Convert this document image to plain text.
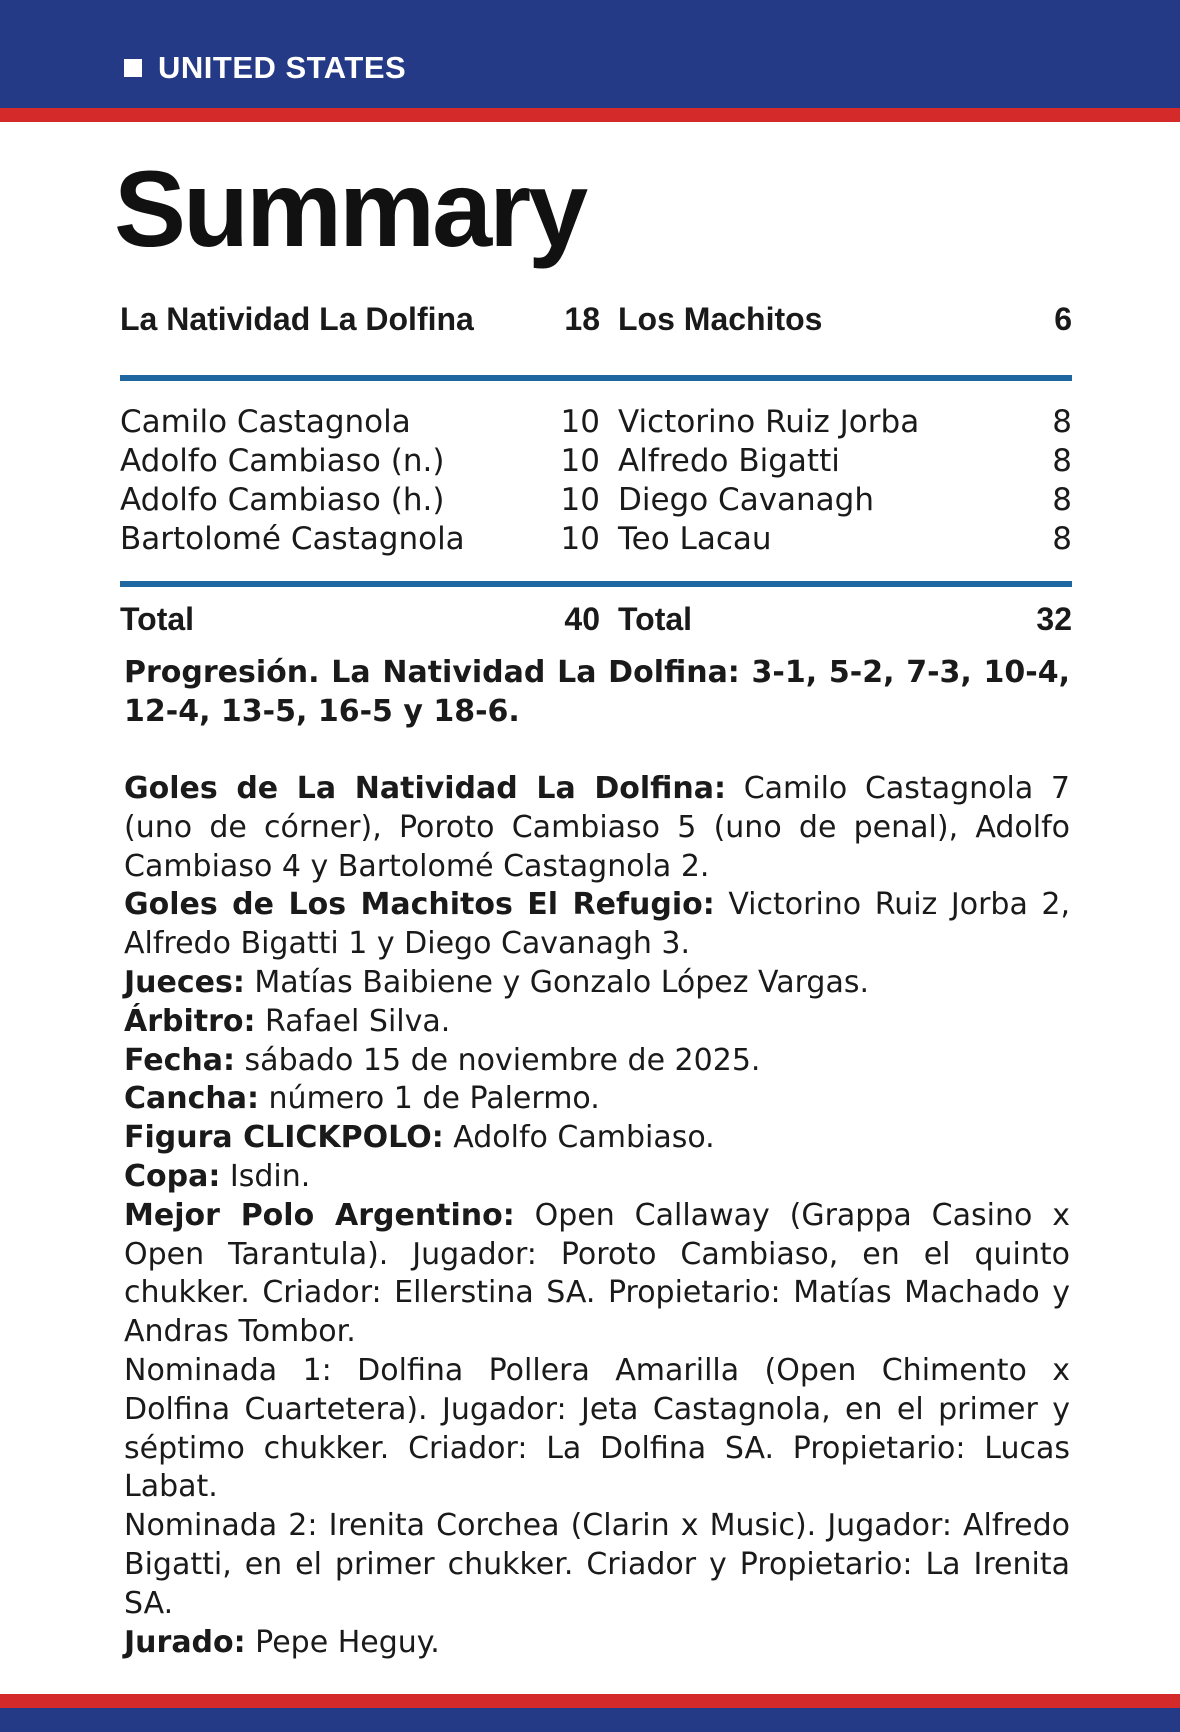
UNITED STATES
Summary
La Natividad La Dolfina	18 Los Machitos	6
Camilo Castagnola	10 Victorino Ruiz Jorba	8
Adolfo Cambiaso (n.)	10 Alfredo Bigatti	8
Adolfo Cambiaso (h.)	10 Diego Cavanagh	8
Bartolomé Castagnola	10 Teo Lacau	8
Total	40 Total	32

Progresión. La Natividad La Dolfina: 3-1, 5-2, 7-3, 10-4, 12-4, 13-5, 16-5 y 18-6.

Goles de La Natividad La Dolfina: Camilo Castagnola 7 (uno de córner), Poroto Cambiaso 5 (uno de penal), Adolfo Cambiaso 4 y Bartolomé Castagnola 2.

Goles de Los Machitos El Refugio: Victorino Ruiz Jorba 2, Alfredo Bigatti 1 y Diego Cavanagh 3.

Jueces: Matías Baibiene y Gonzalo López Vargas.

Árbitro: Rafael Silva.

Fecha: sábado 15 de noviembre de 2025.

Cancha: número 1 de Palermo.

Figura CLICKPOLO: Adolfo Cambiaso.

Copa: Isdin.

Mejor Polo Argentino: Open Callaway (Grappa Casino x Open Tarantula). Jugador: Poroto Cambiaso, en el quinto chukker. Criador: Ellerstina SA. Propietario: Matías Machado y Andras Tombor.

Nominada 1: Dolfina Pollera Amarilla (Open Chimento x Dolfina Cuartetera). Jugador: Jeta Castagnola, en el primer y séptimo chukker. Criador: La Dolfina SA. Propietario: Lucas Labat.

Nominada 2: Irenita Corchea (Clarin x Music). Jugador: Alfredo Bigatti, en el primer chukker. Criador y Propietario: La Irenita SA.

Jurado: Pepe Heguy.
